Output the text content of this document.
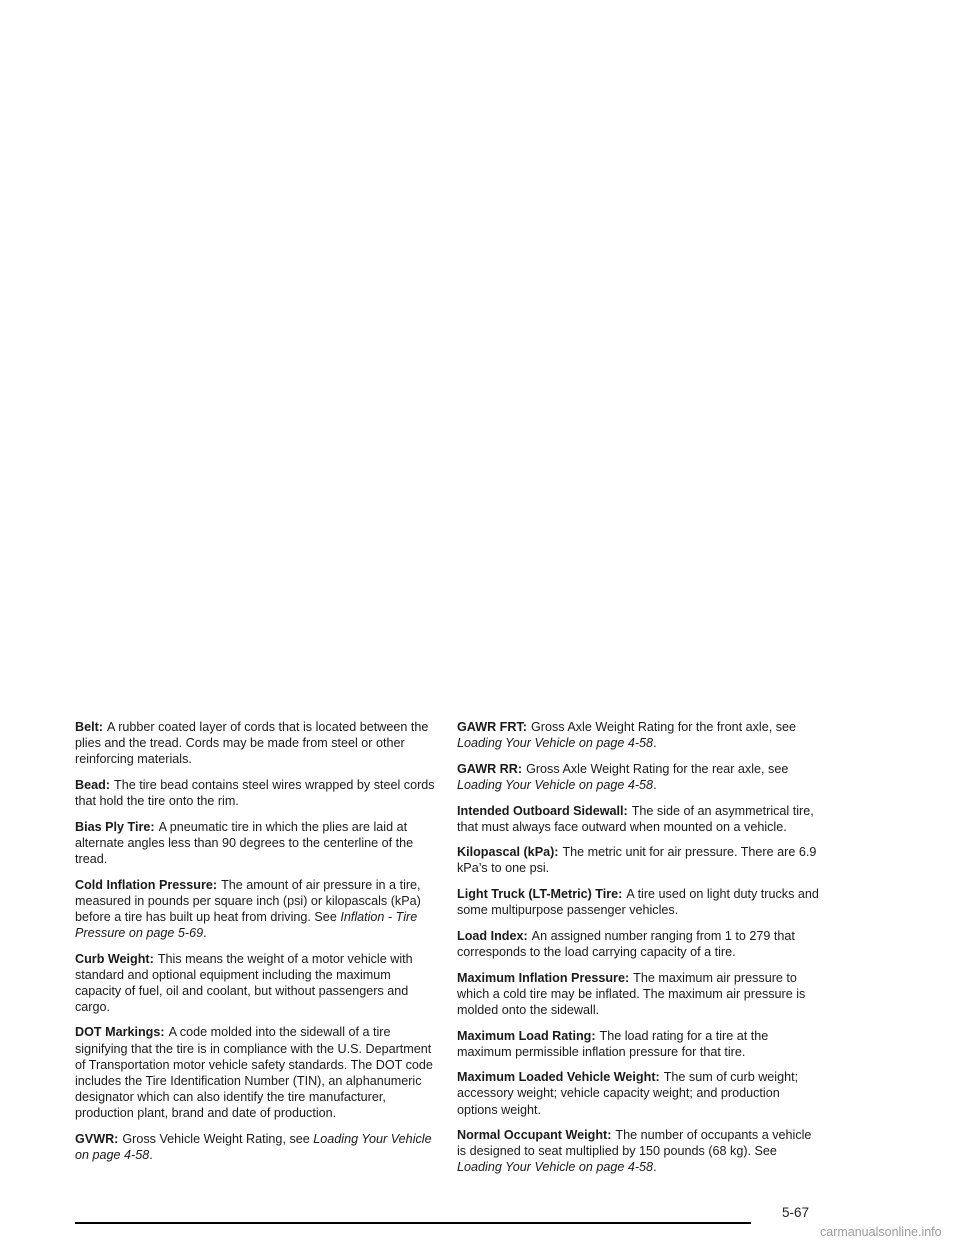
Belt: A rubber coated layer of cords that is located between the plies and the tread. Cords may be made from steel or other reinforcing materials.

Bead: The tire bead contains steel wires wrapped by steel cords that hold the tire onto the rim.

Bias Ply Tire: A pneumatic tire in which the plies are laid at alternate angles less than 90 degrees to the centerline of the tread.

Cold Inflation Pressure: The amount of air pressure in a tire, measured in pounds per square inch (psi) or kilopascals (kPa) before a tire has built up heat from driving. See Inflation - Tire Pressure on page 5-69.

Curb Weight: This means the weight of a motor vehicle with standard and optional equipment including the maximum capacity of fuel, oil and coolant, but without passengers and cargo.

DOT Markings: A code molded into the sidewall of a tire signifying that the tire is in compliance with the U.S. Department of Transportation motor vehicle safety standards. The DOT code includes the Tire Identification Number (TIN), an alphanumeric designator which can also identify the tire manufacturer, production plant, brand and date of production.

GVWR: Gross Vehicle Weight Rating, see Loading Your Vehicle on page 4-58.

GAWR FRT: Gross Axle Weight Rating for the front axle, see Loading Your Vehicle on page 4-58.

GAWR RR: Gross Axle Weight Rating for the rear axle, see Loading Your Vehicle on page 4-58.

Intended Outboard Sidewall: The side of an asymmetrical tire, that must always face outward when mounted on a vehicle.

Kilopascal (kPa): The metric unit for air pressure. There are 6.9 kPa’s to one psi.

Light Truck (LT-Metric) Tire: A tire used on light duty trucks and some multipurpose passenger vehicles.

Load Index: An assigned number ranging from 1 to 279 that corresponds to the load carrying capacity of a tire.

Maximum Inflation Pressure: The maximum air pressure to which a cold tire may be inflated. The maximum air pressure is molded onto the sidewall.

Maximum Load Rating: The load rating for a tire at the maximum permissible inflation pressure for that tire.

Maximum Loaded Vehicle Weight: The sum of curb weight; accessory weight; vehicle capacity weight; and production options weight.

Normal Occupant Weight: The number of occupants a vehicle is designed to seat multiplied by 150 pounds (68 kg). See Loading Your Vehicle on page 4-58.

5-67
carmanualsonline.info
